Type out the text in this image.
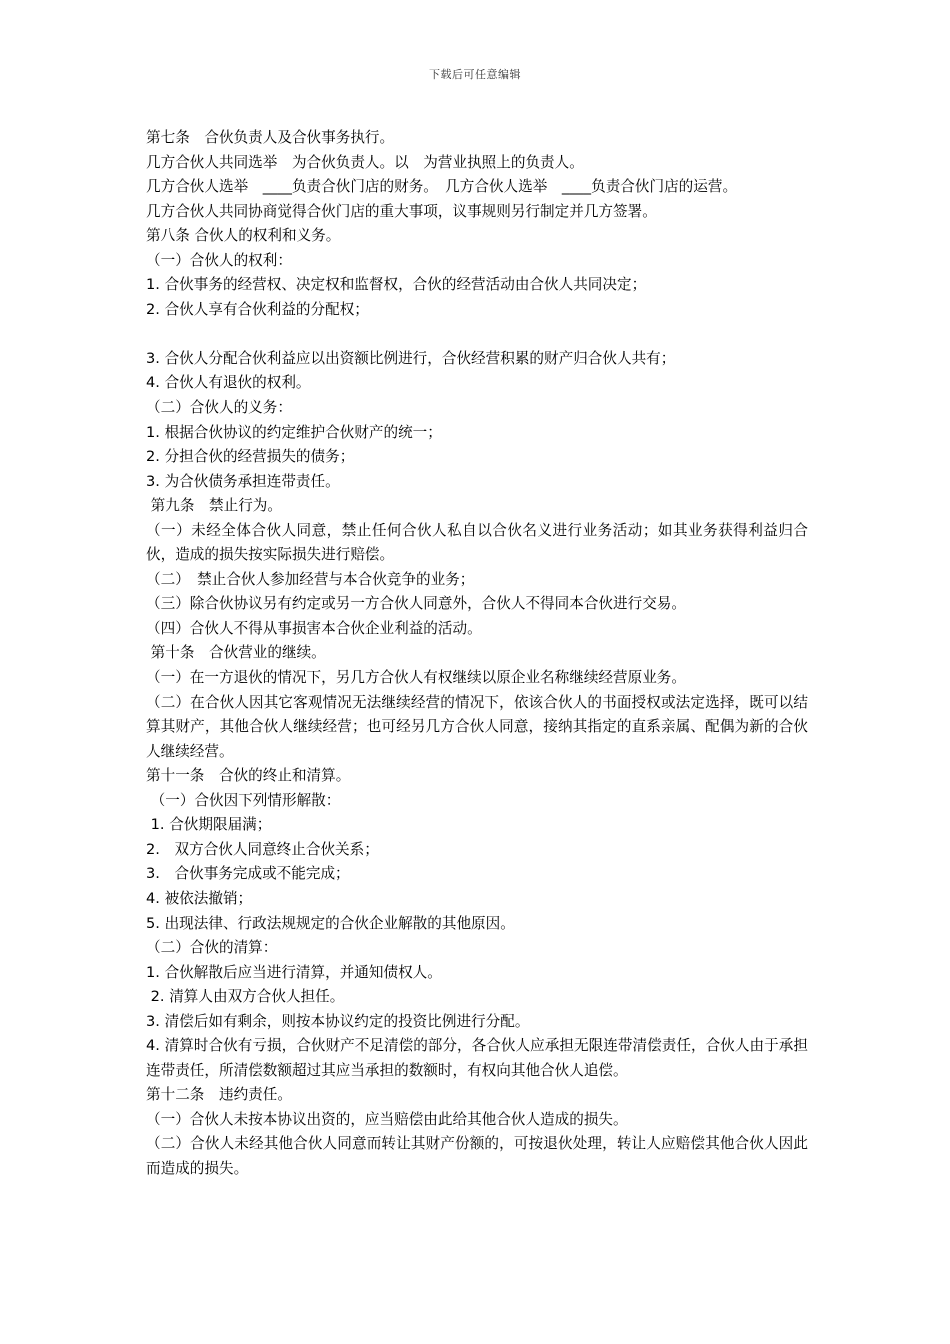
下载后可任意编辑

第七条　合伙负责人及合伙事务执行。

几方合伙人共同选举　为合伙负责人。以　为营业执照上的负责人。

几方合伙人选举　____负责合伙门店的财务。　几方合伙人选举　____负责合伙门店的运营。

几方合伙人共同协商觉得合伙门店的重大事项，议事规则另行制定并几方签署。

第八条 合伙人的权利和义务。

（一）合伙人的权利：

1. 合伙事务的经营权、决定权和监督权，合伙的经营活动由合伙人共同决定；

2. 合伙人享有合伙利益的分配权；

3. 合伙人分配合伙利益应以出资额比例进行，合伙经营积累的财产归合伙人共有；

4. 合伙人有退伙的权利。

（二）合伙人的义务：

1. 根据合伙协议的约定维护合伙财产的统一；

2. 分担合伙的经营损失的债务；

3. 为合伙债务承担连带责任。

第九条　禁止行为。

（一）未经全体合伙人同意，禁止任何合伙人私自以合伙名义进行业务活动；如其业务获得利益归合伙，造成的损失按实际损失进行赔偿。

（二）　禁止合伙人参加经营与本合伙竞争的业务；

（三）除合伙协议另有约定或另一方合伙人同意外，合伙人不得同本合伙进行交易。

（四）合伙人不得从事损害本合伙企业利益的活动。

第十条　合伙营业的继续。

（一）在一方退伙的情况下，另几方合伙人有权继续以原企业名称继续经营原业务。

（二）在合伙人因其它客观情况无法继续经营的情况下，依该合伙人的书面授权或法定选择，既可以结算其财产，其他合伙人继续经营；也可经另几方合伙人同意，接纳其指定的直系亲属、配偶为新的合伙人继续经营。

第十一条　合伙的终止和清算。

（一）合伙因下列情形解散：

1. 合伙期限届满；

2.　双方合伙人同意终止合伙关系；

3.　合伙事务完成或不能完成；

4. 被依法撤销；

5. 出现法律、行政法规规定的合伙企业解散的其他原因。

（二）合伙的清算：

1. 合伙解散后应当进行清算，并通知债权人。

2. 清算人由双方合伙人担任。

3. 清偿后如有剩余，则按本协议约定的投资比例进行分配。

4. 清算时合伙有亏损，合伙财产不足清偿的部分，各合伙人应承担无限连带清偿责任，合伙人由于承担连带责任，所清偿数额超过其应当承担的数额时，有权向其他合伙人追偿。

第十二条　违约责任。

（一）合伙人未按本协议出资的，应当赔偿由此给其他合伙人造成的损失。

（二）合伙人未经其他合伙人同意而转让其财产份额的，可按退伙处理，转让人应赔偿其他合伙人因此而造成的损失。
